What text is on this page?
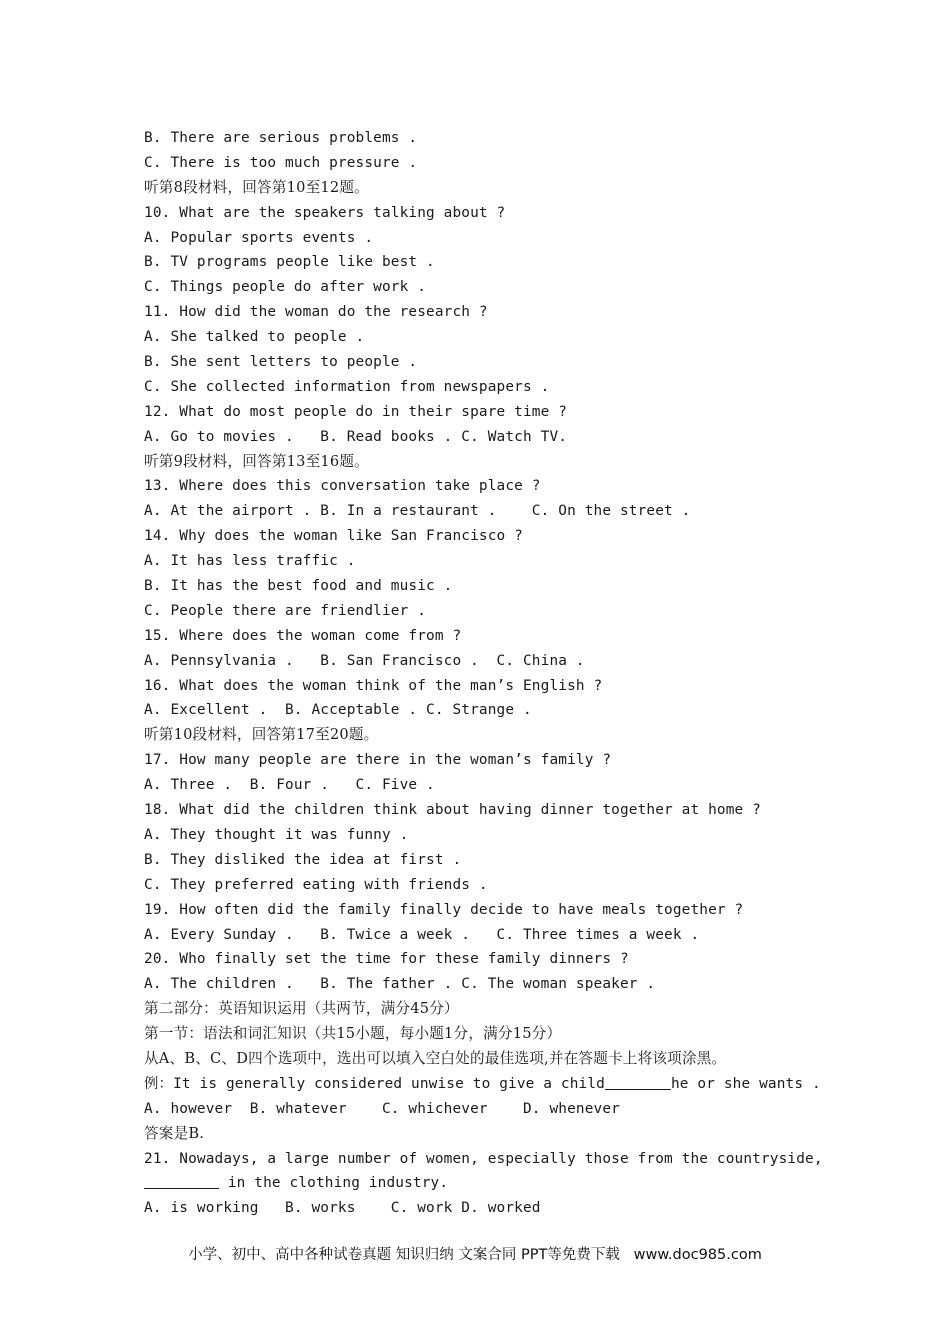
B. There are serious problems .
C. There is too much pressure .
听第8段材料，回答第10至12题。
10. What are the speakers talking about ?
A. Popular sports events .
B. TV programs people like best .
C. Things people do after work .
11. How did the woman do the research ?
A. She talked to people .
B. She sent letters to people .
C. She collected information from newspapers .
12. What do most people do in their spare time ?
A. Go to movies .   B. Read books . C. Watch TV.
听第9段材料，回答第13至16题。
13. Where does this conversation take place ?
A. At the airport . B. In a restaurant .    C. On the street .
14. Why does the woman like San Francisco ?
A. It has less traffic .
B. It has the best food and music .
C. People there are friendlier .
15. Where does the woman come from ?
A. Pennsylvania .   B. San Francisco .  C. China .
16. What does the woman think of the man’s English ?
A. Excellent .  B. Acceptable . C. Strange .
听第10段材料，回答第17至20题。
17. How many people are there in the woman’s family ?
A. Three .  B. Four .   C. Five .
18. What did the children think about having dinner together at home ?
A. They thought it was funny .
B. They disliked the idea at first .
C. They preferred eating with friends .
19. How often did the family finally decide to have meals together ?
A. Every Sunday .   B. Twice a week .   C. Three times a week .
20. Who finally set the time for these family dinners ?
A. The children .   B. The father . C. The woman speaker .
第二部分：英语知识运用（共两节，满分45分）
第一节：语法和词汇知识（共15小题，每小题1分，满分15分）
从A、B、C、D四个选项中，选出可以填入空白处的最佳选项,并在答题卡上将该项涂黑。
例：It is generally considered unwise to give a child	he or she wants .
A. however  B. whatever    C. whichever    D. whenever
答案是B.
21. Nowadays, a large number of women, especially those from the countryside,
in the clothing industry.
A. is working   B. works    C. work D. worked
小学、初中、高中各种试卷真题 知识归纳 文案合同 PPT等免费下载   www.doc985.com
